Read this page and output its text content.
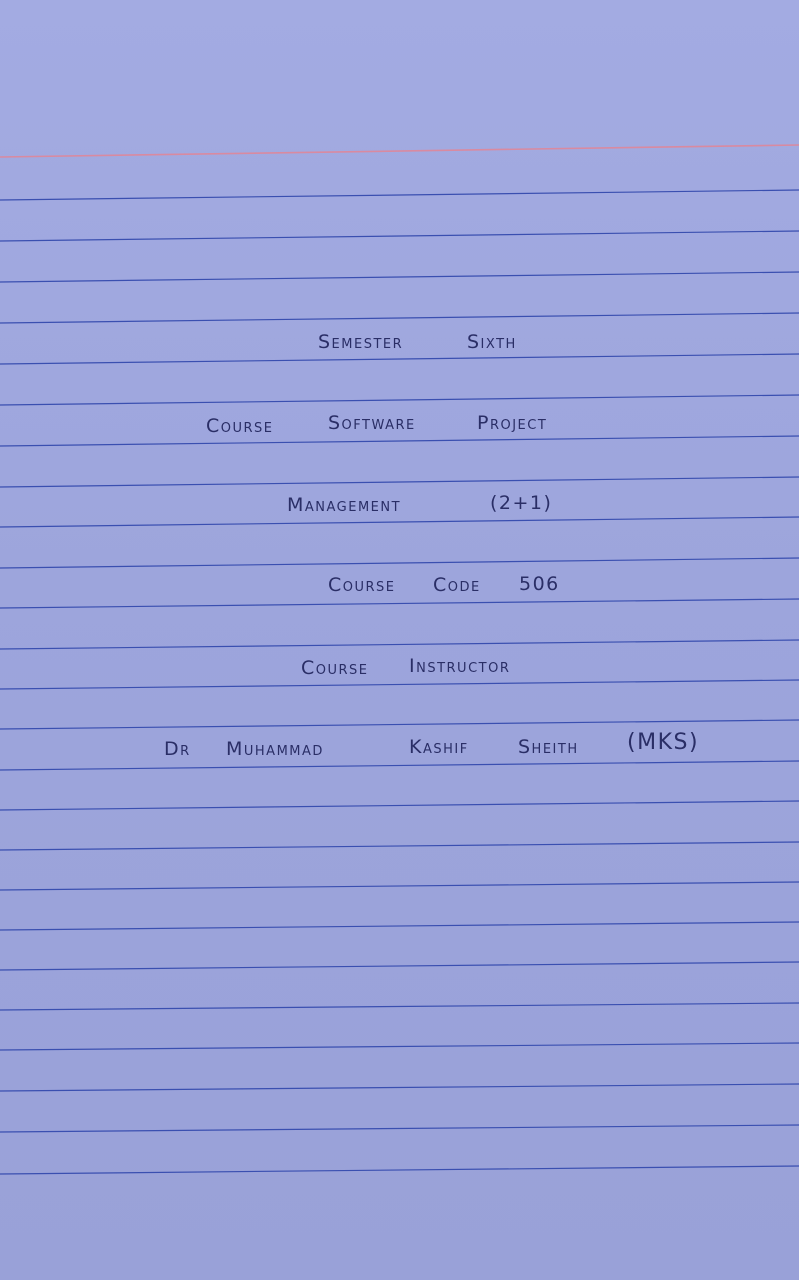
Semester	Sixth
Course	Software	Project
Management	(2+1)
Course Code 506
Course Instructor
Dr Muhammad	Kashif	Sheith (MKS)
